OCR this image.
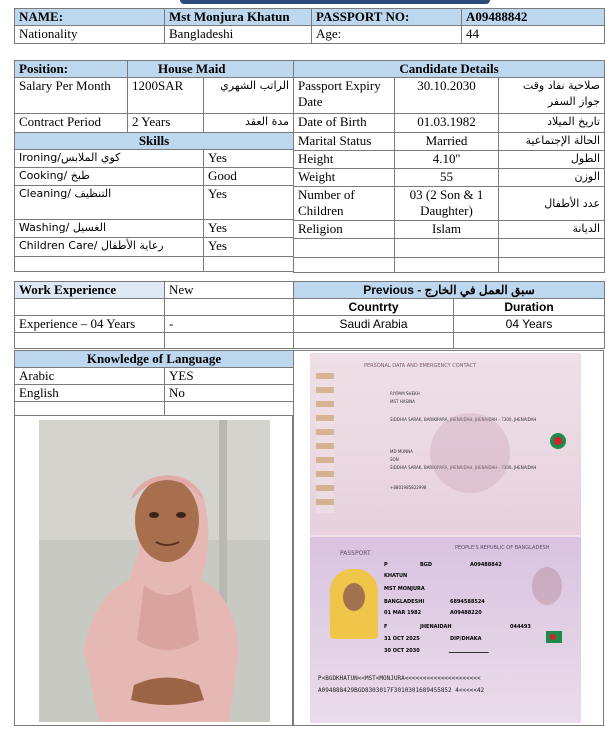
NAME:	Mst Monjura Khatun	PASSPORT NO:	A09488842
Nationality	Bangladeshi	Age:	44
Position:	House Maid	
Salary Per Month	1200SAR	الراتب الشهري
Contract Period	2 Years	مدة العقد
Skills		
Ironing/كوي الملابس		Yes
Cooking/ طبخ		Good
Cleaning/ التنظيف		Yes
Washing/ الغسيل		Yes
Children Care/ رعاية الأطفال		Yes

Candidate Details		
Passport Expiry Date	30.10.2030	صلاحية نفاد وقت جواز السفر
Date of Birth	01.03.1982	تاريخ الميلاد
Marital Status	Married	الحالة الإجتماعية
Height	4.10''	الطول
Weight	55	الوزن
Number of Children	03 (2 Son & 1 Daughter)	عدد الأطفال
Religion	Islam	الديانة

Work Experience	New

Experience – 04 Years	-

Previous - سبق العمل في الخارج	
Countrty	Duration
Saudi Arabia	04 Years

Knowledge of Language	
Arabic	YES
English	No

PERSONAL DATA AND EMERGENCY CONTACT
RIYPAM SHEKH
MST HASINA
SIDDHIA SARAK, BARIKIPARA, JHENAIDAH, JHENAIDAH - 7300, JHENAIDAH
MD MUNNA
SON
SIDDHIA SARAK, BARIKIPARA, JHENAIDAH, JHENAIDAH - 7300, JHENAIDAH
+8801985822998
PASSPORT
PEOPLE'S REPUBLIC OF BANGLADESH
P	BGD	A09488842
KHATUN
MST MONJURA
BANGLADESHI	6894588524
01 MAR 1982	A09488220
F	JHENAIDAH	044493
31 OCT 2025	DIP/DHAKA
30 OCT 2030
P<BGDKHATUN<<MST<MONJURA<<<<<<<<<<<<<<<<<<<<<
A094888429BGD8303017F3010301689455852 4<<<<<42
